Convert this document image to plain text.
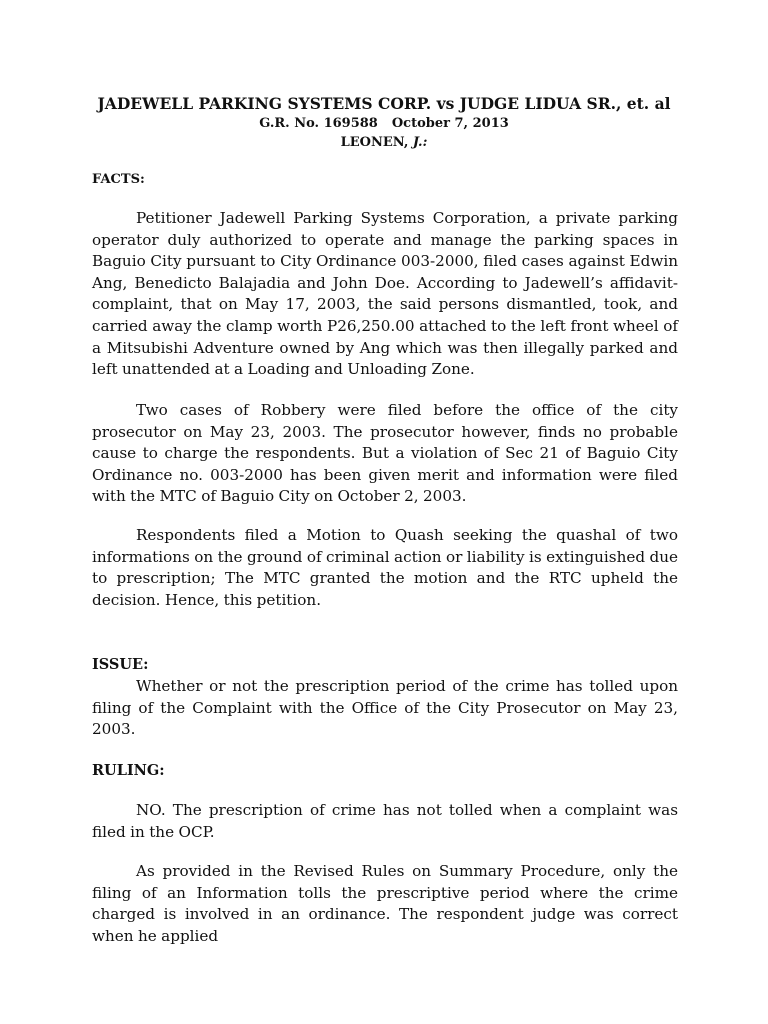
JADEWELL PARKING SYSTEMS CORP. vs JUDGE LIDUA SR., et. al
G.R. No. 169588 October 7, 2013
LEONEN, J.:
FACTS:
Petitioner Jadewell Parking Systems Corporation, a private parking operator duly authorized to operate and manage the parking spaces in Baguio City pursuant to City Ordinance 003-2000, filed cases against Edwin Ang, Benedicto Balajadia and John Doe. According to Jadewell’s affidavit-complaint, that on May 17, 2003, the said persons dismantled, took, and carried away the clamp worth P26,250.00 attached to the left front wheel of a Mitsubishi Adventure owned by Ang which was then illegally parked and left unattended at a Loading and Unloading Zone.
Two cases of Robbery were filed before the office of the city prosecutor on May 23, 2003. The prosecutor however, finds no probable cause to charge the respondents. But a violation of Sec 21 of Baguio City Ordinance no. 003-2000 has been given merit and information were filed with the MTC of Baguio City on October 2, 2003.
Respondents filed a Motion to Quash seeking the quashal of two informations on the ground of criminal action or liability is extinguished due to prescription; The MTC granted the motion and the RTC upheld the decision. Hence, this petition.
ISSUE:
Whether or not the prescription period of the crime has tolled upon filing of the Complaint with the Office of the City Prosecutor on May 23, 2003.
RULING:
NO. The prescription of crime has not tolled when a complaint was filed in the OCP.
As provided in the Revised Rules on Summary Procedure, only the filing of an Information tolls the prescriptive period where the crime charged is involved in an ordinance. The respondent judge was correct when he applied
